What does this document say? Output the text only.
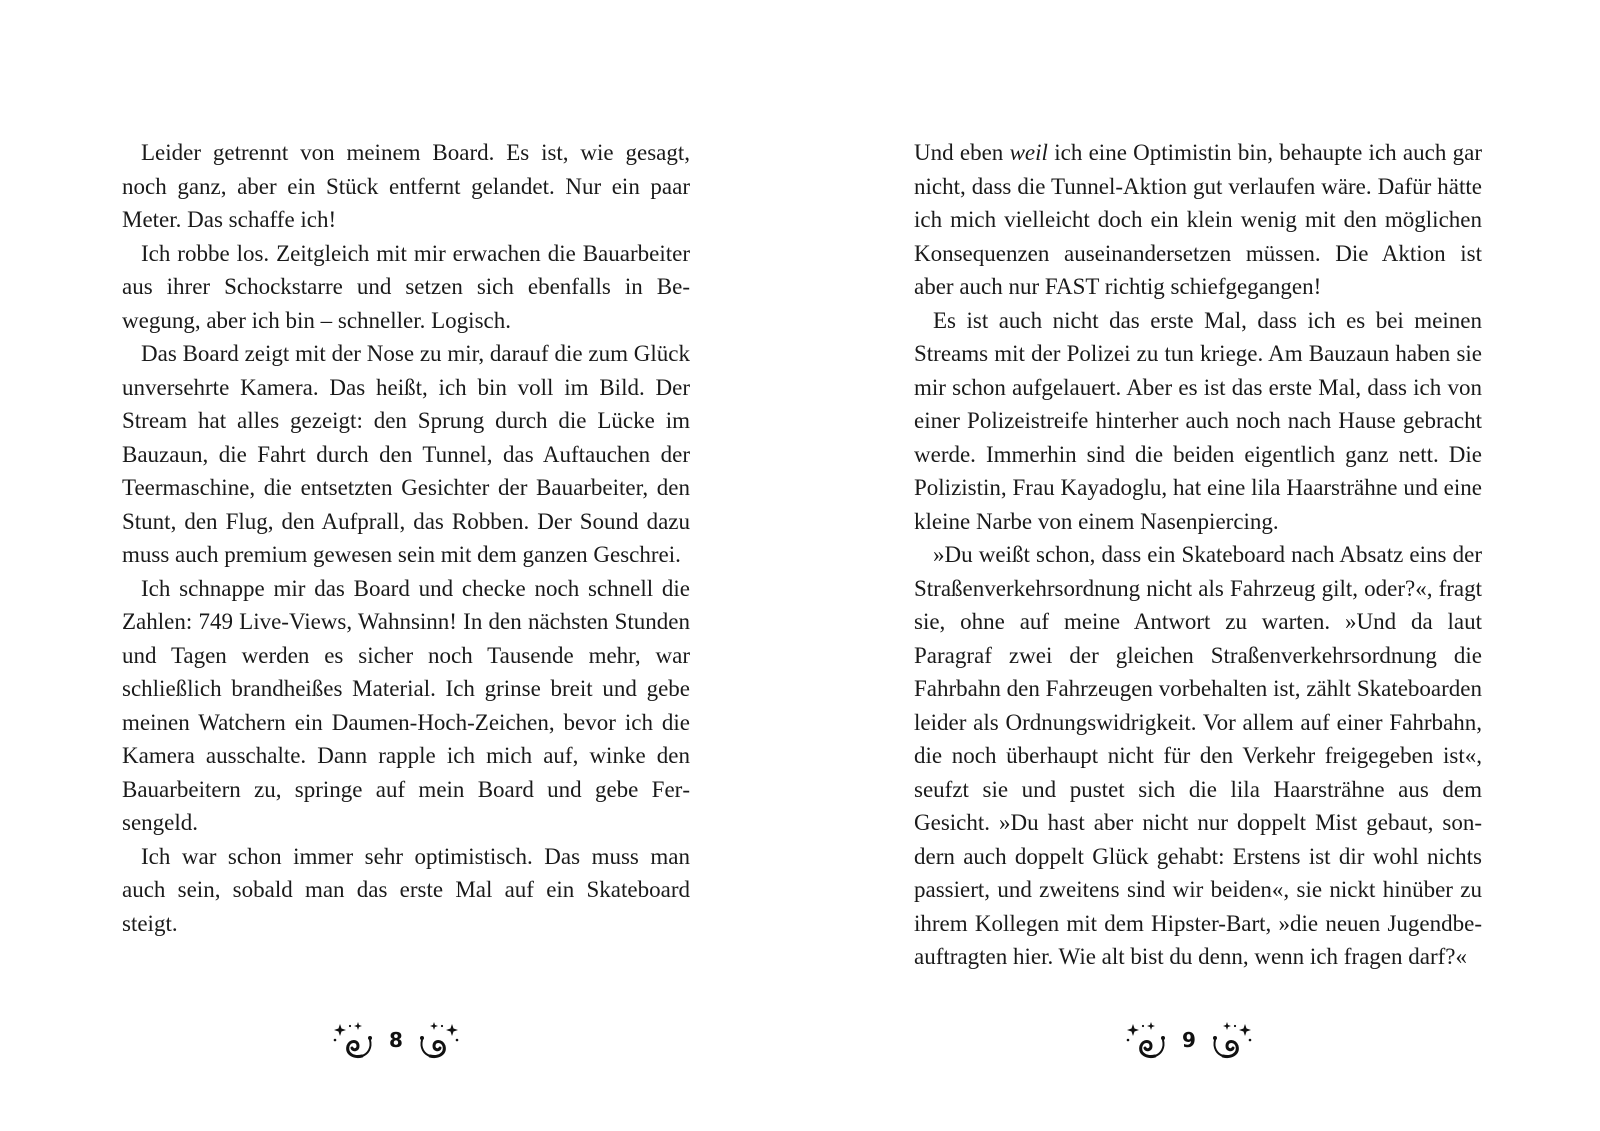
Leider getrennt von meinem Board. Es ist, wie gesagt, noch ganz, aber ein Stück entfernt gelandet. Nur ein paar Meter. Das schaffe ich!

Ich robbe los. Zeitgleich mit mir erwachen die Bauarbeiter aus ihrer Schockstarre und setzen sich ebenfalls in Bewegung, aber ich bin – schneller. Logisch.

Das Board zeigt mit der Nose zu mir, darauf die zum Glück unversehrte Kamera. Das heißt, ich bin voll im Bild. Der Stream hat alles gezeigt: den Sprung durch die Lücke im Bauzaun, die Fahrt durch den Tunnel, das Auftauchen der Teermaschine, die entsetzten Gesichter der Bauarbeiter, den Stunt, den Flug, den Aufprall, das Robben. Der Sound dazu muss auch premium gewesen sein mit dem ganzen Geschrei.

Ich schnappe mir das Board und checke noch schnell die Zahlen: 749 Live-Views, Wahnsinn! In den nächsten Stunden und Tagen werden es sicher noch Tausende mehr, war schließlich brandheißes Material. Ich grinse breit und gebe meinen Watchern ein Daumen-Hoch-Zeichen, bevor ich die Kamera ausschalte. Dann rapple ich mich auf, winke den Bauarbeitern zu, springe auf mein Board und gebe Fersengeld.

Ich war schon immer sehr optimistisch. Das muss man auch sein, sobald man das erste Mal auf ein Skateboard steigt.

Und eben weil ich eine Optimistin bin, behaupte ich auch gar nicht, dass die Tunnel-Aktion gut verlaufen wäre. Dafür hätte ich mich vielleicht doch ein klein wenig mit den möglichen Konsequenzen auseinandersetzen müssen. Die Aktion ist aber auch nur FAST richtig schiefgegangen!

Es ist auch nicht das erste Mal, dass ich es bei meinen Streams mit der Polizei zu tun kriege. Am Bauzaun haben sie mir schon aufgelauert. Aber es ist das erste Mal, dass ich von einer Polizeistreife hinterher auch noch nach Hause gebracht werde. Immerhin sind die beiden eigentlich ganz nett. Die Polizistin, Frau Kayadoglu, hat eine lila Haarsträhne und eine kleine Narbe von einem Nasenpiercing.

»Du weißt schon, dass ein Skateboard nach Absatz eins der Straßenverkehrsordnung nicht als Fahrzeug gilt, oder?«, fragt sie, ohne auf meine Antwort zu warten. »Und da laut Paragraf zwei der gleichen Straßenverkehrsordnung die Fahrbahn den Fahrzeugen vorbehalten ist, zählt Skateboarden leider als Ordnungswidrigkeit. Vor allem auf einer Fahrbahn, die noch überhaupt nicht für den Verkehr freigegeben ist«, seufzt sie und pustet sich die lila Haarsträhne aus dem Gesicht. »Du hast aber nicht nur doppelt Mist gebaut, sondern auch doppelt Glück gehabt: Erstens ist dir wohl nichts passiert, und zweitens sind wir beiden«, sie nickt hinüber zu ihrem Kollegen mit dem Hipster-Bart, »die neuen Jugendbeauftragten hier. Wie alt bist du denn, wenn ich fragen darf?«

8	9
